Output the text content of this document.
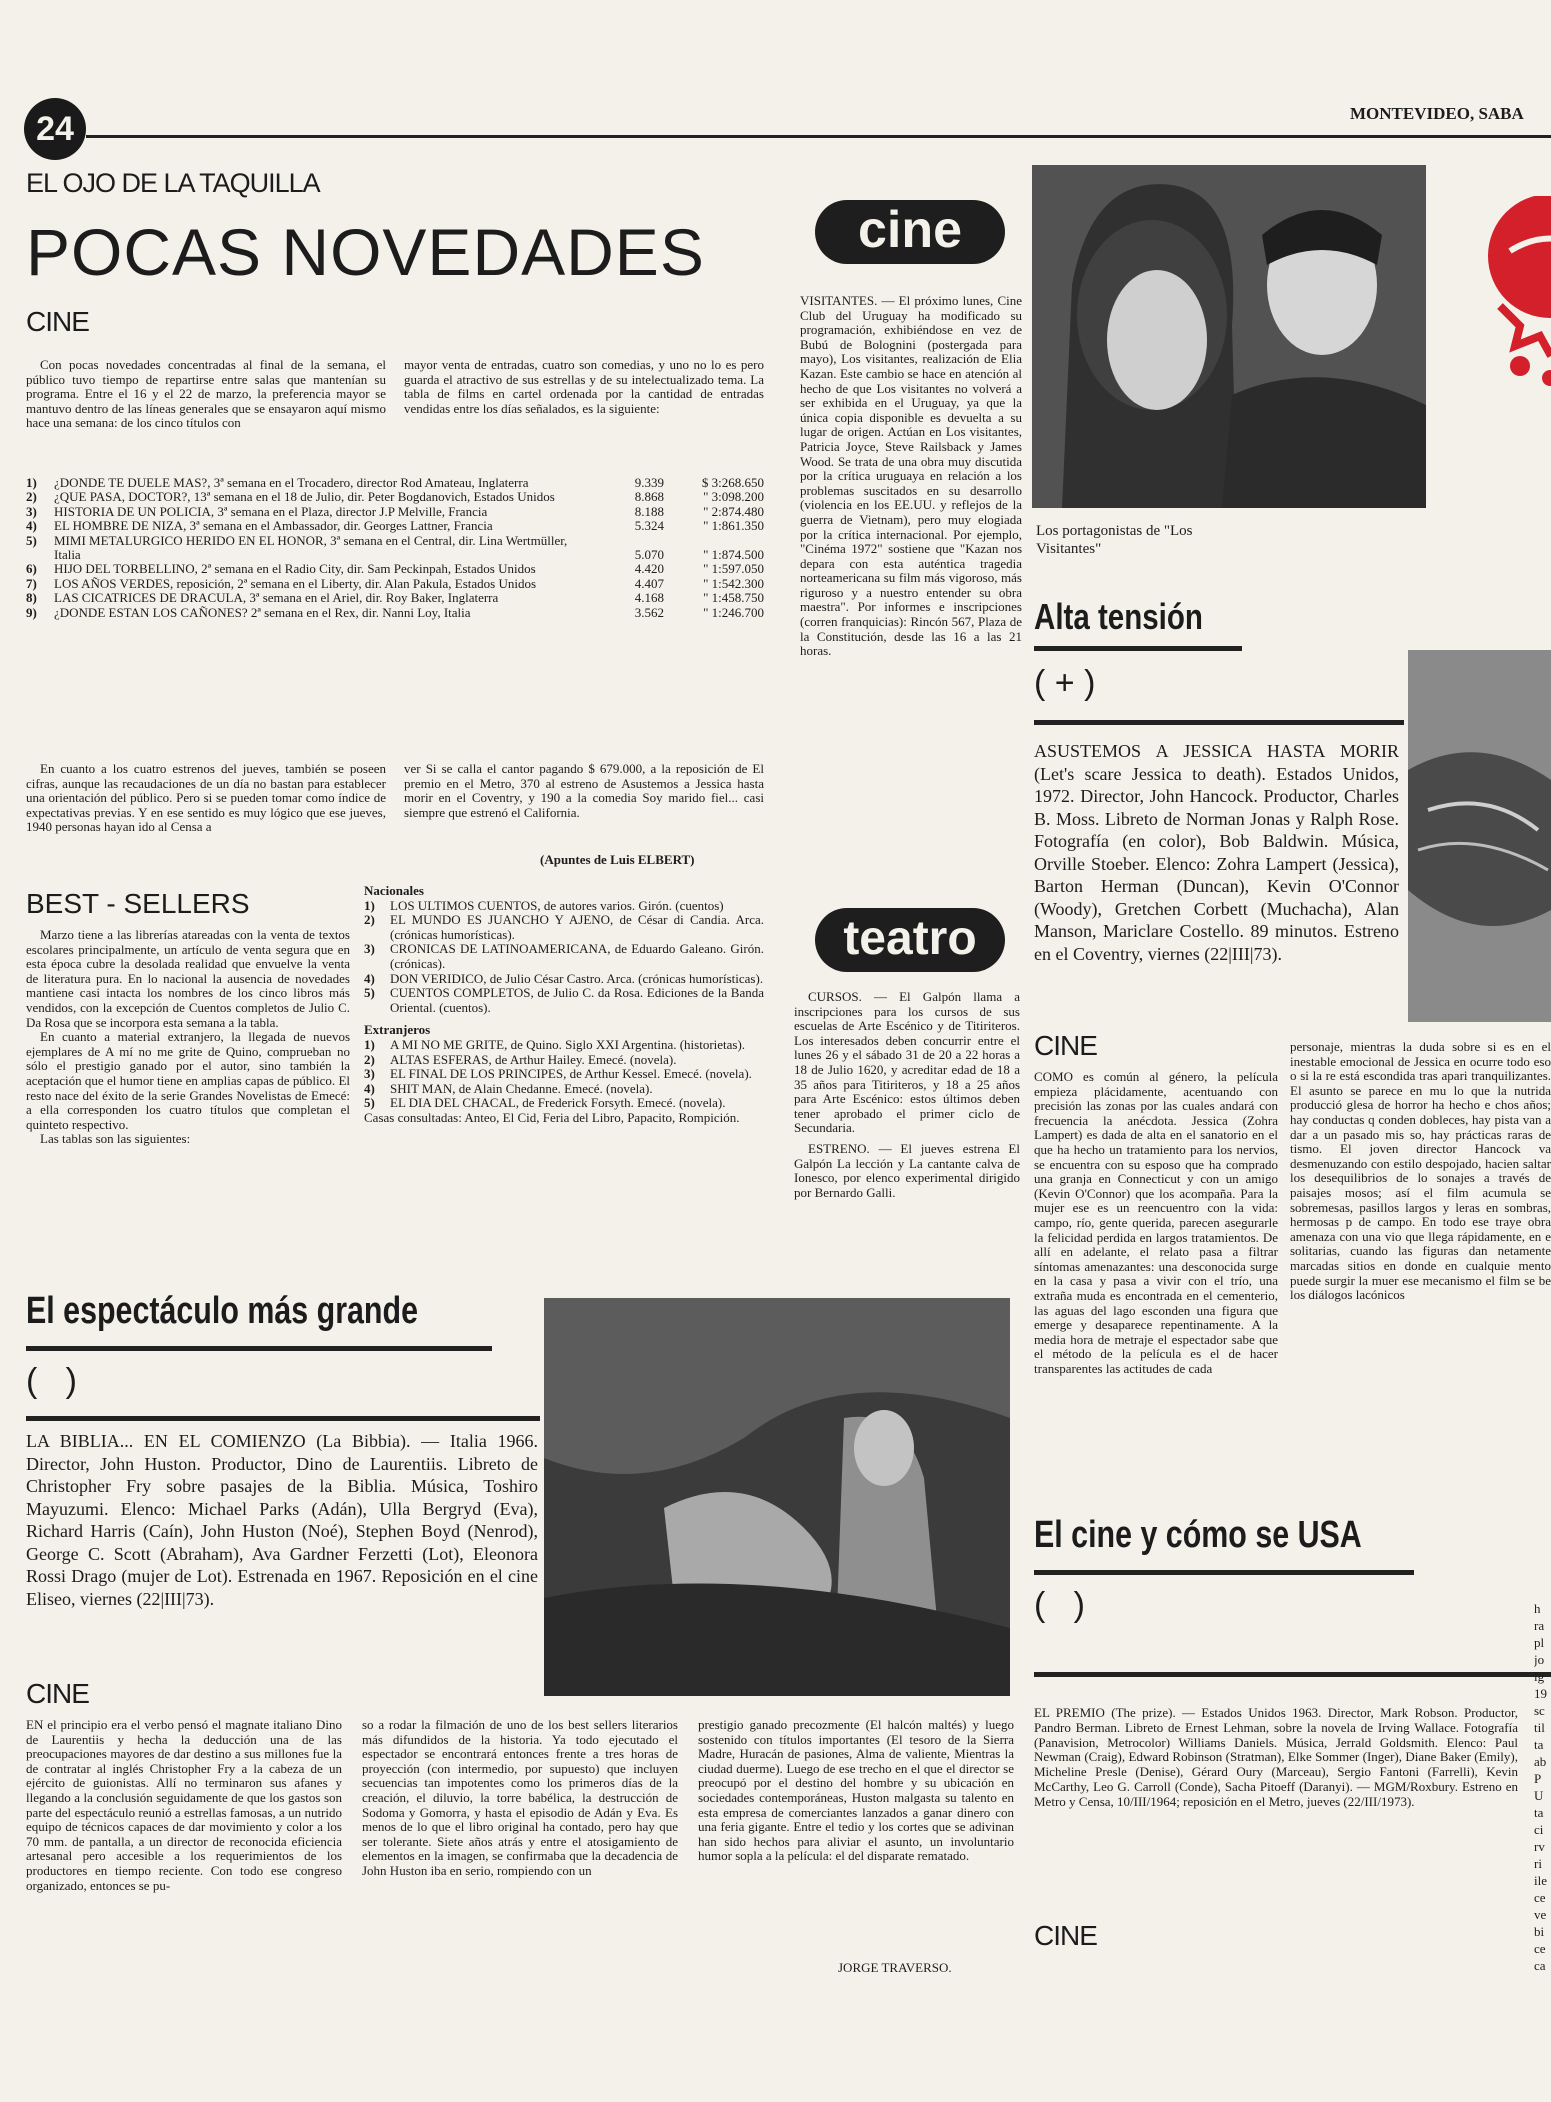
24	MONTEVIDEO, SABA
EL OJO DE LA TAQUILLA
POCAS NOVEDADES
CINE
Con pocas novedades concentradas al final de la semana, el público tuvo tiempo de repartirse entre salas que mantenían su programa. Entre el 16 y el 22 de marzo, la preferencia mayor se mantuvo dentro de las líneas generales que se ensayaron aquí mismo hace una semana: de los cinco títulos con
mayor venta de entradas, cuatro son comedias, y uno no lo es pero guarda el atractivo de sus estrellas y de su intelectualizado tema. La tabla de films en cartel ordenada por la cantidad de entradas vendidas entre los días señalados, es la siguiente:
1)	¿DONDE TE DUELE MAS?, 3ª semana en el Trocadero, director Rod Amateau, Inglaterra	9.339	$ 3:268.650
2)	¿QUE PASA, DOCTOR?, 13ª semana en el 18 de Julio, dir. Peter Bogdanovich, Estados Unidos	8.868	" 3:098.200
3)	HISTORIA DE UN POLICIA, 3ª semana en el Plaza, director J.P Melville, Francia	8.188	" 2:874.480
4)	EL HOMBRE DE NIZA, 3ª semana en el Ambassador, dir. Georges Lattner, Francia	5.324	" 1:861.350
5)	MIMI METALURGICO HERIDO EN EL HONOR, 3ª semana en el Central, dir. Lina Wertmüller, Italia	5.070	" 1:874.500
6)	HIJO DEL TORBELLINO, 2ª semana en el Radio City, dir. Sam Peckinpah, Estados Unidos	4.420	" 1:597.050
7)	LOS AÑOS VERDES, reposición, 2ª semana en el Liberty, dir. Alan Pakula, Estados Unidos	4.407	" 1:542.300
8)	LAS CICATRICES DE DRACULA, 3ª semana en el Ariel, dir. Roy Baker, Inglaterra	4.168	" 1:458.750
9)	¿DONDE ESTAN LOS CAÑONES? 2ª semana en el Rex, dir. Nanni Loy, Italia	3.562	" 1:246.700
En cuanto a los cuatro estrenos del jueves, también se poseen cifras, aunque las recaudaciones de un día no bastan para establecer una orientación del público. Pero si se pueden tomar como índice de expectativas previas. Y en ese sentido es muy lógico que ese jueves, 1940 personas hayan ido al Censa a
ver Si se calla el cantor pagando $ 679.000, a la reposición de El premio en el Metro, 370 al estreno de Asustemos a Jessica hasta morir en el Coventry, y 190 a la comedia Soy marido fiel... casi siempre que estrenó el California.
(Apuntes de Luis ELBERT)
BEST - SELLERS

Marzo tiene a las librerías atareadas con la venta de textos escolares principalmente, un artículo de venta segura que en esta época cubre la desolada realidad que envuelve la venta de literatura pura. En lo nacional la ausencia de novedades mantiene casi intacta los nombres de los cinco libros más vendidos, con la excepción de Cuentos completos de Julio C. Da Rosa que se incorpora esta semana a la tabla.

En cuanto a material extranjero, la llegada de nuevos ejemplares de A mí no me grite de Quino, comprueban no sólo el prestigio ganado por el autor, sino también la aceptación que el humor tiene en amplias capas de público. El resto nace del éxito de la serie Grandes Novelistas de Emecé: a ella corresponden los cuatro títulos que completan el quinteto respectivo.

Las tablas son las siguientes:

Nacionales
1)	LOS ULTIMOS CUENTOS, de autores varios. Girón. (cuentos)
2)	EL MUNDO ES JUANCHO Y AJENO, de César di Candia. Arca. (crónicas humorísticas).
3)	CRONICAS DE LATINOAMERICANA, de Eduardo Galeano. Girón. (crónicas).
4)	DON VERIDICO, de Julio César Castro. Arca. (crónicas humorísticas).
5)	CUENTOS COMPLETOS, de Julio C. da Rosa. Ediciones de la Banda Oriental. (cuentos).
Extranjeros
1)	A MI NO ME GRITE, de Quino. Siglo XXI Argentina. (historietas).
2)	ALTAS ESFERAS, de Arthur Hailey. Emecé. (novela).
3)	EL FINAL DE LOS PRINCIPES, de Arthur Kessel. Emecé. (novela).
4)	SHIT MAN, de Alain Chedanne. Emecé. (novela).
5)	EL DIA DEL CHACAL, de Frederick Forsyth. Emecé. (novela).
Casas consultadas: Anteo, El Cid, Feria del Libro, Papacito, Rompición.
cine
VISITANTES. — El próximo lunes, Cine Club del Uruguay ha modificado su programación, exhibiéndose en vez de Bubú de Bolognini (postergada para mayo), Los visitantes, realización de Elia Kazan. Este cambio se hace en atención al hecho de que Los visitantes no volverá a ser exhibida en el Uruguay, ya que la única copia disponible es devuelta a su lugar de origen. Actúan en Los visitantes, Patricia Joyce, Steve Railsback y James Wood. Se trata de una obra muy discutida por la crítica uruguaya en relación a los problemas suscitados en su desarrollo (violencia en los EE.UU. y reflejos de la guerra de Vietnam), pero muy elogiada por la crítica internacional. Por ejemplo, "Cinéma 1972" sostiene que "Kazan nos depara con esta auténtica tragedia norteamericana su film más vigoroso, más riguroso y a nuestro entender su obra maestra". Por informes e inscripciones (corren franquicias): Rincón 567, Plaza de la Constitución, desde las 16 a las 21 horas.
teatro

CURSOS. — El Galpón llama a inscripciones para los cursos de sus escuelas de Arte Escénico y de Titiriteros. Los interesados deben concurrir entre el lunes 26 y el sábado 31 de 20 a 22 horas a 18 de Julio 1620, y acreditar edad de 18 a 35 años para Titiriteros, y 18 a 25 años para Arte Escénico: estos últimos deben tener aprobado el primer ciclo de Secundaria.

ESTRENO. — El jueves estrena El Galpón La lección y La cantante calva de Ionesco, por elenco experimental dirigido por Bernardo Galli.

Los portagonistas de "Los Visitantes"
Alta tensión
( + )
ASUSTEMOS A JESSICA HASTA MORIR (Let's scare Jessica to death). Estados Unidos, 1972. Director, John Hancock. Productor, Charles B. Moss. Libreto de Norman Jonas y Ralph Rose. Fotografía (en color), Bob Baldwin. Música, Orville Stoeber. Elenco: Zohra Lampert (Jessica), Barton Herman (Duncan), Kevin O'Connor (Woody), Gretchen Corbett (Muchacha), Alan Manson, Mariclare Costello. 89 minutos. Estreno en el Coventry, viernes (22|III|73).
CINE
COMO es común al género, la película empieza plácidamente, acentuando con precisión las zonas por las cuales andará con frecuencia la anécdota. Jessica (Zohra Lampert) es dada de alta en el sanatorio en el que ha hecho un tratamiento para los nervios, se encuentra con su esposo que ha comprado una granja en Connecticut y con un amigo (Kevin O'Connor) que los acompaña. Para la mujer ese es un reencuentro con la vida: campo, río, gente querida, parecen asegurarle la felicidad perdida en largos tratamientos. De allí en adelante, el relato pasa a filtrar síntomas amenazantes: una desconocida surge en la casa y pasa a vivir con el trío, una extraña muda es encontrada en el cementerio, las aguas del lago esconden una figura que emerge y desaparece repentinamente. A la media hora de metraje el espectador sabe que el método de la película es el de hacer transparentes las actitudes de cada
personaje, mientras la duda sobre si es en el inestable emocional de Jessica en ocurre todo eso o si la re está escondida tras apari tranquilizantes. El asunto se parece en mu lo que la nutrida producció glesa de horror ha hecho e chos años; hay conductas q conden dobleces, hay pista van a dar a un pasado mis so, hay prácticas raras de tismo. El joven director Hancock va desmenuzando con estilo despojado, hacien saltar los desequilibrios de lo sonajes a través de paisajes mosos; así el film acumula se sobremesas, pasillos largos y leras en sombras, hermosas p de campo. En todo ese traye obra amenaza con una vio que llega rápidamente, en e solitarias, cuando las figuras dan netamente marcadas sitios en donde en cualquie mento puede surgir la muer ese mecanismo el film se be los diálogos lacónicos
El espectáculo más grande
(   )
LA BIBLIA... EN EL COMIENZO (La Bibbia). — Italia 1966. Director, John Huston. Productor, Dino de Laurentiis. Libreto de Christopher Fry sobre pasajes de la Biblia. Música, Toshiro Mayuzumi. Elenco: Michael Parks (Adán), Ulla Bergryd (Eva), Richard Harris (Caín), John Huston (Noé), Stephen Boyd (Nenrod), George C. Scott (Abraham), Ava Gardner Ferzetti (Lot), Eleonora Rossi Drago (mujer de Lot). Estrenada en 1967. Reposición en el cine Eliseo, viernes (22|III|73).
CINE
EN el principio era el verbo pensó el magnate italiano Dino de Laurentiis y hecha la deducción una de las preocupaciones mayores de dar destino a sus millones fue la de contratar al inglés Christopher Fry a la cabeza de un ejército de guionistas. Allí no terminaron sus afanes y llegando a la conclusión seguidamente de que los gastos son parte del espectáculo reunió a estrellas famosas, a un nutrido equipo de técnicos capaces de dar movimiento y color a los 70 mm. de pantalla, a un director de reconocida eficiencia artesanal pero accesible a los requerimientos de los productores en tiempo reciente. Con todo ese congreso organizado, entonces se pu-
so a rodar la filmación de uno de los best sellers literarios más difundidos de la historia. Ya todo ejecutado el espectador se encontrará entonces frente a tres horas de proyección (con intermedio, por supuesto) que incluyen secuencias tan impotentes como los primeros días de la creación, el diluvio, la torre babélica, la destrucción de Sodoma y Gomorra, y hasta el episodio de Adán y Eva. Es menos de lo que el libro original ha contado, pero hay que ser tolerante. Siete años atrás y entre el atosigamiento de elementos en la imagen, se confirmaba que la decadencia de John Huston iba en serio, rompiendo con un
prestigio ganado precozmente (El halcón maltés) y luego sostenido con títulos importantes (El tesoro de la Sierra Madre, Huracán de pasiones, Alma de valiente, Mientras la ciudad duerme). Luego de ese trecho en el que el director se preocupó por el destino del hombre y su ubicación en sociedades contemporáneas, Huston malgasta su talento en esta empresa de comerciantes lanzados a ganar dinero con una feria gigante. Entre el tedio y los cortes que se adivinan han sido hechos para aliviar el asunto, un involuntario humor sopla a la película: el del disparate rematado.
JORGE TRAVERSO.
El cine y cómo se USA
(   )
EL PREMIO (The prize). — Estados Unidos 1963. Director, Mark Robson. Productor, Pandro Berman. Libreto de Ernest Lehman, sobre la novela de Irving Wallace. Fotografía (Panavision, Metrocolor) Williams Daniels. Música, Jerrald Goldsmith. Elenco: Paul Newman (Craig), Edward Robinson (Stratman), Elke Sommer (Inger), Diane Baker (Emily), Micheline Presle (Denise), Gérard Oury (Marceau), Sergio Fantoni (Farrelli), Kevin McCarthy, Leo G. Carroll (Conde), Sacha Pitoeff (Daranyi). — MGM/Roxbury. Estreno en Metro y Censa, 10/III/1964; reposición en el Metro, jueves (22/III/1973).
CINE
h
ra
pl
jo
lg
19
sc
til
ta
ab
P
U
ta
ci
rv
ri
ile
ce
ve
bi
ce
ca
